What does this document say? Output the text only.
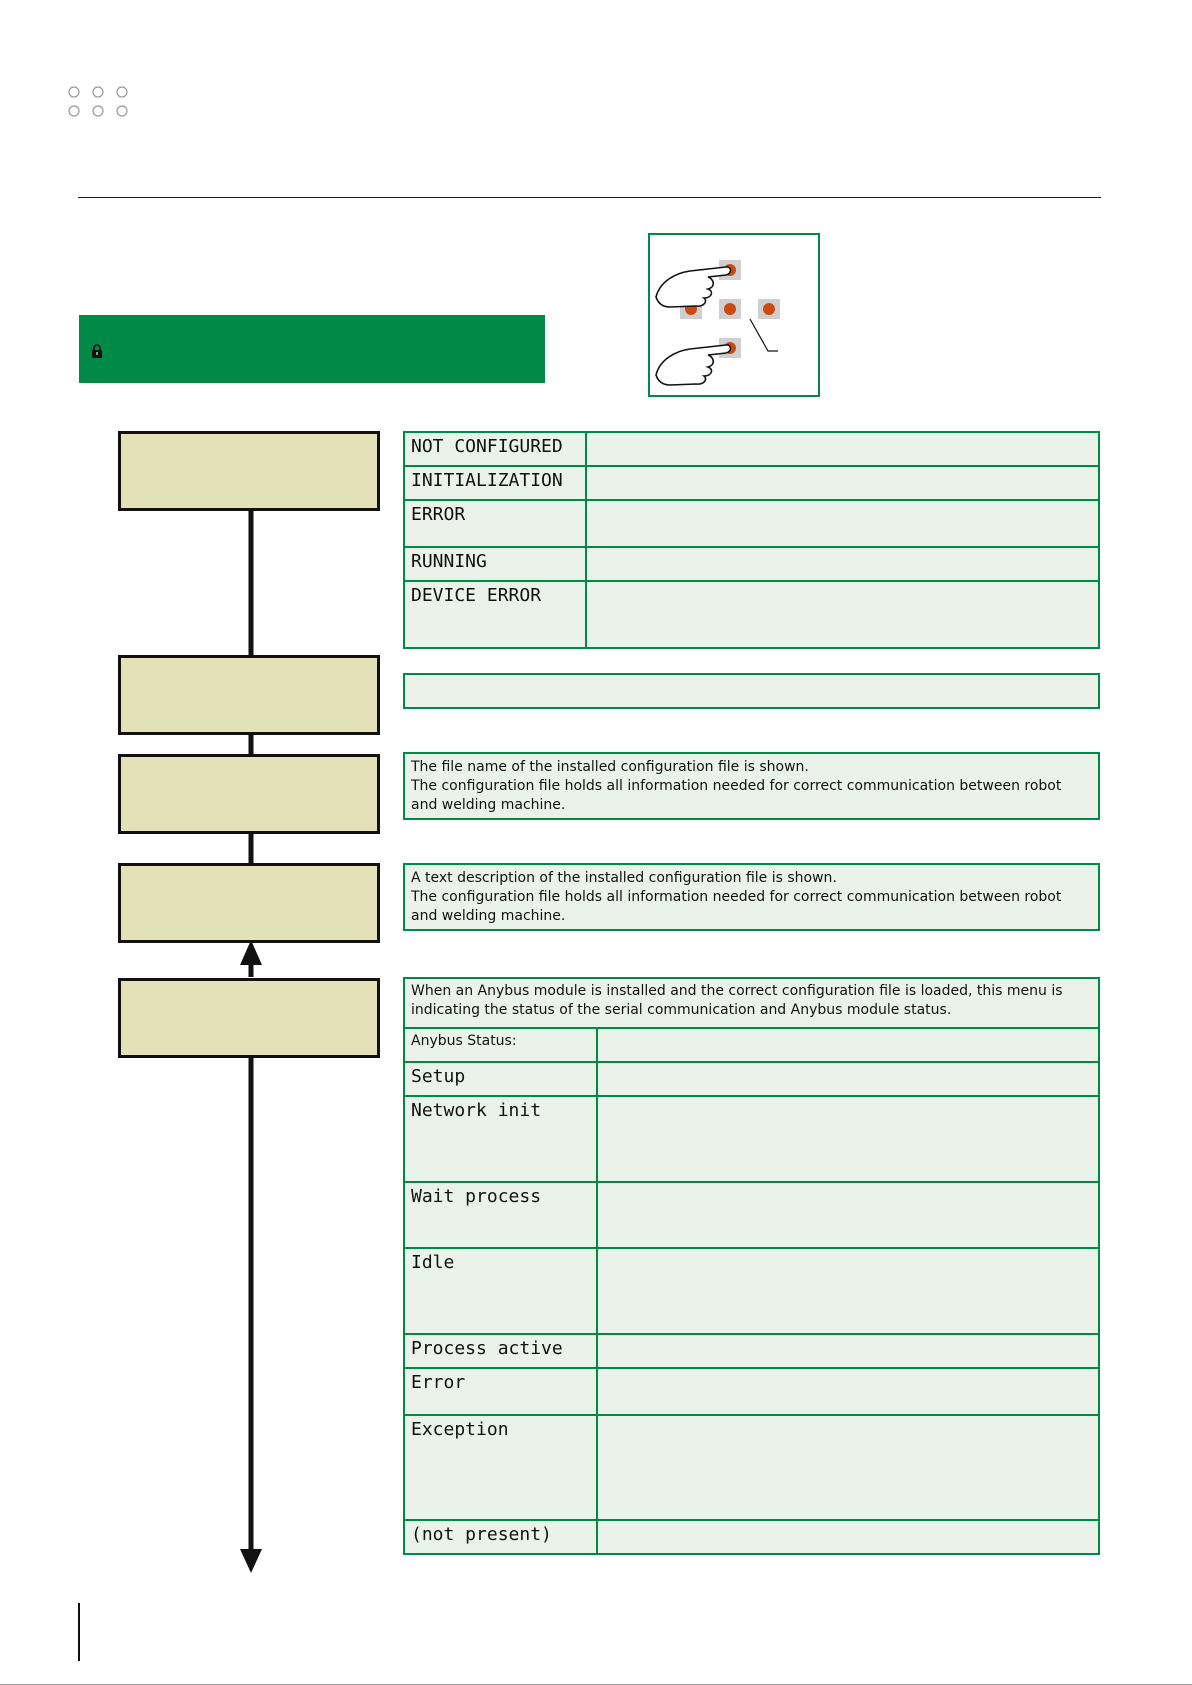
NOT CONFIGURED	
INITIALIZATION	
ERROR	
RUNNING	
DEVICE ERROR	

The file name of the installed configuration file is shown.

The configuration file holds all information needed for correct communication between robot and welding machine.

A text description of the installed configuration file is shown.

The configuration file holds all information needed for correct communication between robot and welding machine.

When an Anybus module is installed and the correct configuration file is loaded, this menu is indicating the status of the serial communication and Anybus module status.	
Anybus Status:	
Setup	
Network init	
Wait process	
Idle	
Process active	
Error	
Exception	
(not present)	
